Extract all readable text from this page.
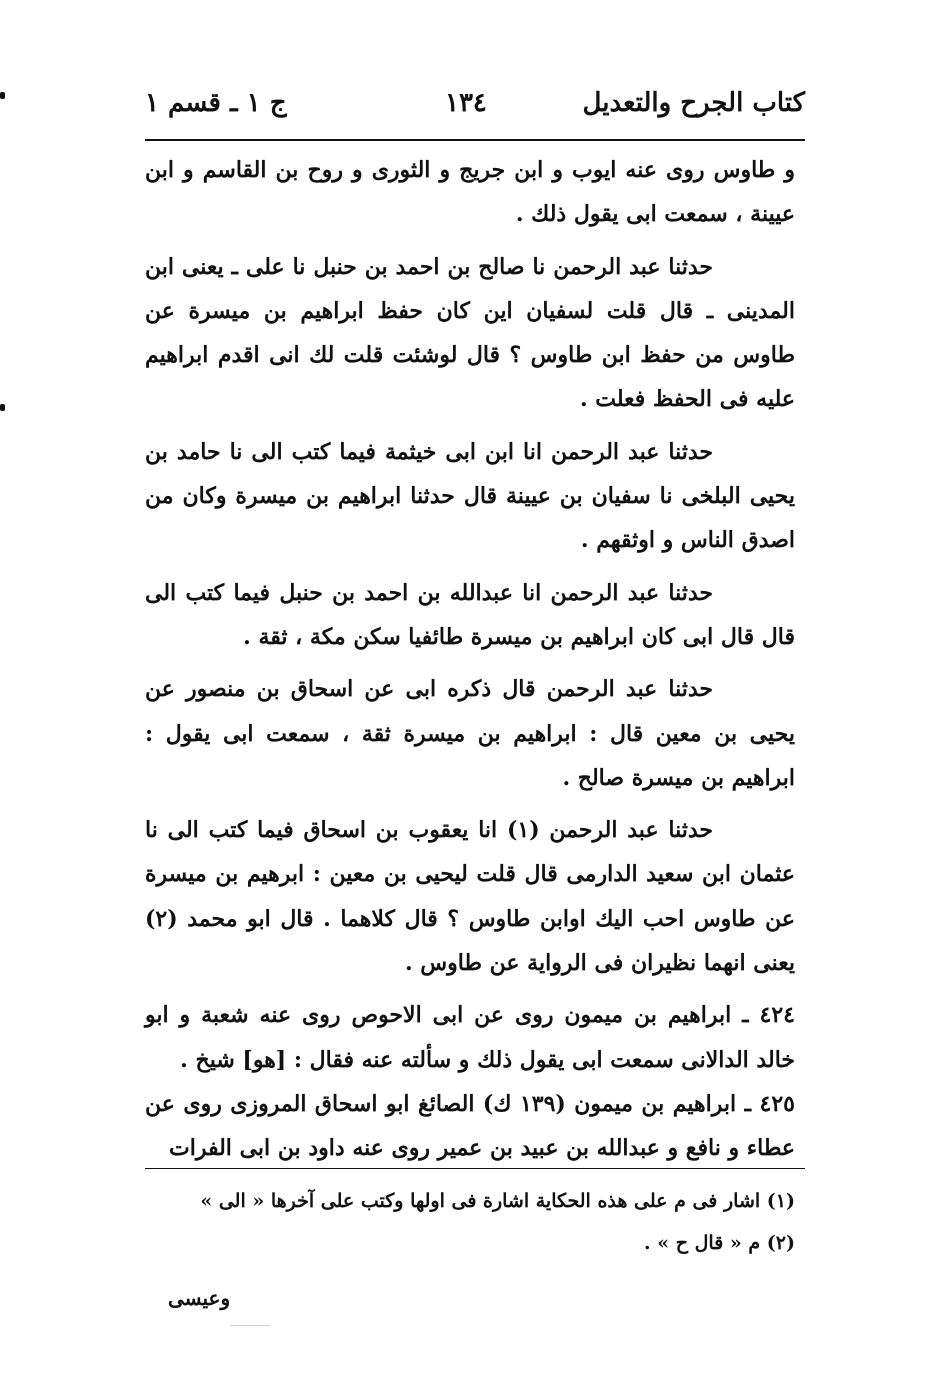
كتاب الجرح والتعديل
١٣٤
ج ١ ـ قسم ١

و طاوس روى عنه ايوب و ابن جريج و الثورى و روح بن القاسم و ابن عيينة ، سمعت ابى يقول ذلك .

حدثنا عبد الرحمن نا صالح بن احمد بن حنبل نا على ـ يعنى ابن المدينى ـ قال قلت لسفيان اين كان حفظ ابراهيم بن ميسرة عن طاوس من حفظ ابن طاوس ؟ قال لوشئت قلت لك انى اقدم ابراهيم عليه فى الحفظ فعلت .

حدثنا عبد الرحمن انا ابن ابى خيثمة فيما كتب الى نا حامد بن يحيى البلخى نا سفيان بن عيينة قال حدثنا ابراهيم بن ميسرة وكان من اصدق الناس و اوثقهم .

حدثنا عبد الرحمن انا عبدالله بن احمد بن حنبل فيما كتب الى قال قال ابى كان ابراهيم بن ميسرة طائفيا سكن مكة ، ثقة .

حدثنا عبد الرحمن قال ذكره ابى عن اسحاق بن منصور عن يحيى بن معين قال : ابراهيم بن ميسرة ثقة ، سمعت ابى يقول : ابراهيم بن ميسرة صالح .

حدثنا عبد الرحمن (١) انا يعقوب بن اسحاق فيما كتب الى نا عثمان ابن سعيد الدارمى قال قلت ليحيى بن معين : ابرهيم بن ميسرة عن طاوس احب اليك اوابن طاوس ؟ قال كلاهما . قال ابو محمد (٢) يعنى انهما نظيران فى الرواية عن طاوس .

٤٢٤ ـ ابراهيم بن ميمون روى عن ابى الاحوص روى عنه شعبة و ابو خالد الدالانى سمعت ابى يقول ذلك و سألته عنه فقال : [هو] شيخ .

٤٢٥ ـ ابراهيم بن ميمون (١٣٩ ك) الصائغ ابو اسحاق المروزى روى عن عطاء و نافع و عبدالله بن عبيد بن عمير روى عنه داود بن ابى الفرات

(١) اشار فى م على هذه الحكاية اشارة فى اولها وكتب على آخرها « الى »

(٢) م « قال ح » .

وعيسى
